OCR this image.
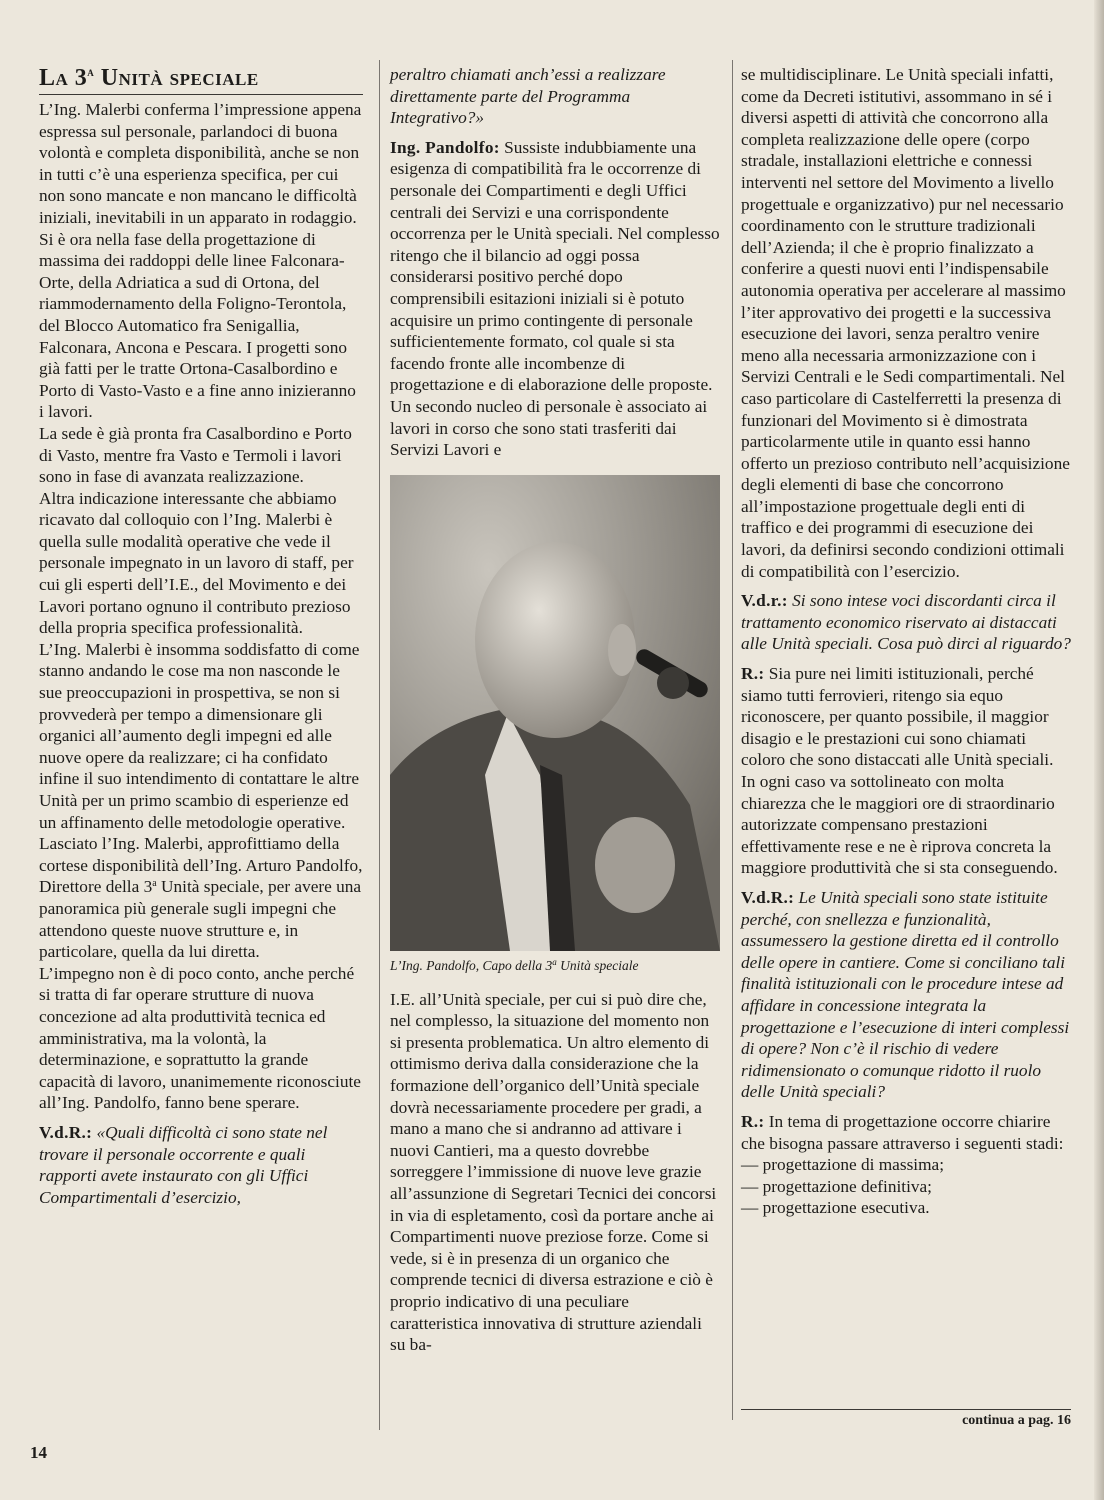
La 3$^a$ Unità speciale

L’Ing. Malerbi conferma l’impressione appena espressa sul personale, parlandoci di buona volontà e completa disponibilità, anche se non in tutti c’è una esperienza specifica, per cui non sono mancate e non mancano le difficoltà iniziali, inevitabili in un apparato in rodaggio. Si è ora nella fase della progettazione di massima dei raddoppi delle linee Falconara-Orte, della Adriatica a sud di Ortona, del riammodernamento della Foligno-Terontola, del Blocco Automatico fra Senigallia, Falconara, Ancona e Pescara. I progetti sono già fatti per le tratte Ortona-Casalbordino e Porto di Vasto-Vasto e a fine anno inizieranno i lavori.

La sede è già pronta fra Casalbordino e Porto di Vasto, mentre fra Vasto e Termoli i lavori sono in fase di avanzata realizzazione.

Altra indicazione interessante che abbiamo ricavato dal colloquio con l’Ing. Malerbi è quella sulle modalità operative che vede il personale impegnato in un lavoro di staff, per cui gli esperti dell’I.E., del Movimento e dei Lavori portano ognuno il contributo prezioso della propria specifica professionalità.

L’Ing. Malerbi è insomma soddisfatto di come stanno andando le cose ma non nasconde le sue preoccupazioni in prospettiva, se non si provvederà per tempo a dimensionare gli organici all’aumento degli impegni ed alle nuove opere da realizzare; ci ha confidato infine il suo intendimento di contattare le altre Unità per un primo scambio di esperienze ed un affinamento delle metodologie operative.

Lasciato l’Ing. Malerbi, approfittiamo della cortese disponibilità dell’Ing. Arturo Pandolfo, Direttore della 3$^a$ Unità speciale, per avere una panoramica più generale sugli impegni che attendono queste nuove strutture e, in particolare, quella da lui diretta.

L’impegno non è di poco conto, anche perché si tratta di far operare strutture di nuova concezione ad alta produttività tecnica ed amministrativa, ma la volontà, la determinazione, e soprattutto la grande capacità di lavoro, unanimemente riconosciute all’Ing. Pandolfo, fanno bene sperare.

V.d.R.: «Quali difficoltà ci sono state nel trovare il personale occorrente e quali rapporti avete instaurato con gli Uffici Compartimentali d’esercizio,

peraltro chiamati anch’essi a realizzare direttamente parte del Programma Integrativo?»

Ing. Pandolfo: Sussiste indubbiamente una esigenza di compatibilità fra le occorrenze di personale dei Compartimenti e degli Uffici centrali dei Servizi e una corrispondente occorrenza per le Unità speciali. Nel complesso ritengo che il bilancio ad oggi possa considerarsi positivo perché dopo comprensibili esitazioni iniziali si è potuto acquisire un primo contingente di personale sufficientemente formato, col quale si sta facendo fronte alle incombenze di progettazione e di elaborazione delle proposte. Un secondo nucleo di personale è associato ai lavori in corso che sono stati trasferiti dai Servizi Lavori e

L’Ing. Pandolfo, Capo della 3$^a$ Unità speciale

I.E. all’Unità speciale, per cui si può dire che, nel complesso, la situazione del momento non si presenta problematica. Un altro elemento di ottimismo deriva dalla considerazione che la formazione dell’organico dell’Unità speciale dovrà necessariamente procedere per gradi, a mano a mano che si andranno ad attivare i nuovi Cantieri, ma a questo dovrebbe sorreggere l’immissione di nuove leve grazie all’assunzione di Segretari Tecnici dei concorsi in via di espletamento, così da portare anche ai Compartimenti nuove preziose forze. Come si vede, si è in presenza di un organico che comprende tecnici di diversa estrazione e ciò è proprio indicativo di una peculiare caratteristica innovativa di strutture aziendali su ba-

se multidisciplinare. Le Unità speciali infatti, come da Decreti istitutivi, assommano in sé i diversi aspetti di attività che concorrono alla completa realizzazione delle opere (corpo stradale, installazioni elettriche e connessi interventi nel settore del Movimento a livello progettuale e organizzativo) pur nel necessario coordinamento con le strutture tradizionali dell’Azienda; il che è proprio finalizzato a conferire a questi nuovi enti l’indispensabile autonomia operativa per accelerare al massimo l’iter approvativo dei progetti e la successiva esecuzione dei lavori, senza peraltro venire meno alla necessaria armonizzazione con i Servizi Centrali e le Sedi compartimentali. Nel caso particolare di Castelferretti la presenza di funzionari del Movimento si è dimostrata particolarmente utile in quanto essi hanno offerto un prezioso contributo nell’acquisizione degli elementi di base che concorrono all’impostazione progettuale degli enti di traffico e dei programmi di esecuzione dei lavori, da definirsi secondo condizioni ottimali di compatibilità con l’esercizio.

V.d.r.: Si sono intese voci discordanti circa il trattamento economico riservato ai distaccati alle Unità speciali. Cosa può dirci al riguardo?

R.: Sia pure nei limiti istituzionali, perché siamo tutti ferrovieri, ritengo sia equo riconoscere, per quanto possibile, il maggior disagio e le prestazioni cui sono chiamati coloro che sono distaccati alle Unità speciali. In ogni caso va sottolineato con molta chiarezza che le maggiori ore di straordinario autorizzate compensano prestazioni effettivamente rese e ne è riprova concreta la maggiore produttività che si sta conseguendo.

V.d.R.: Le Unità speciali sono state istituite perché, con snellezza e funzionalità, assumessero la gestione diretta ed il controllo delle opere in cantiere. Come si conciliano tali finalità istituzionali con le procedure intese ad affidare in concessione integrata la progettazione e l’esecuzione di interi complessi di opere? Non c’è il rischio di vedere ridimensionato o comunque ridotto il ruolo delle Unità speciali?

R.: In tema di progettazione occorre chiarire che bisogna passare attraverso i seguenti stadi:

— progettazione di massima;

— progettazione definitiva;

— progettazione esecutiva.

continua a pag. 16
14
